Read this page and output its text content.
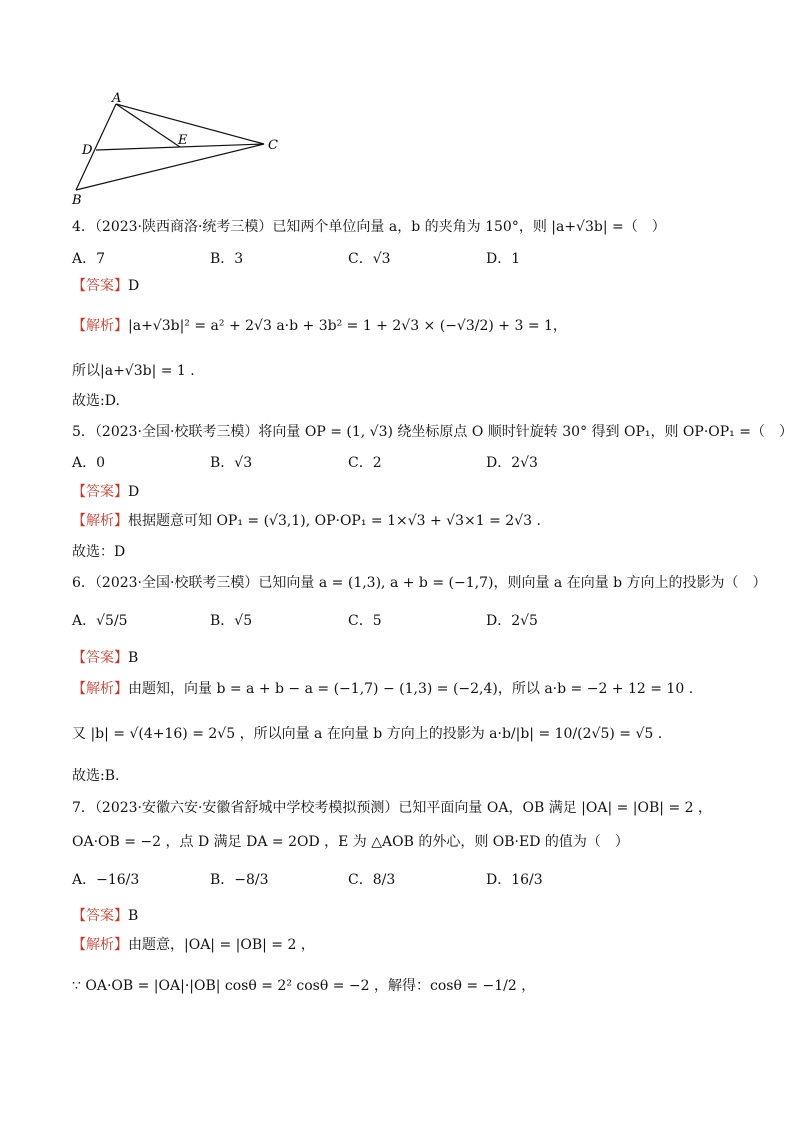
A
B
C
D
E
4．（2023·陕西商洛·统考三模）已知两个单位向量 a，b 的夹角为 150°，则 |a+√3b| =（　）
A．7	B．3	C．√3	D．1
【答案】D
【解析】|a+√3b|² = a² + 2√3 a·b + 3b² = 1 + 2√3 × (−√3/2) + 3 = 1，
所以|a+√3b| = 1 .
故选:D.
5．（2023·全国·校联考三模）将向量 OP = (1, √3) 绕坐标原点 O 顺时针旋转 30° 得到 OP₁，则 OP·OP₁ =（　）
A．0	B．√3	C．2	D．2√3
【答案】D
【解析】根据题意可知 OP₁ = (√3,1), OP·OP₁ = 1×√3 + √3×1 = 2√3 .
故选：D
6．（2023·全国·校联考三模）已知向量 a = (1,3), a + b = (−1,7)，则向量 a 在向量 b 方向上的投影为（　）
A．√5/5	B．√5	C．5	D．2√5
【答案】B
【解析】由题知，向量 b = a + b − a = (−1,7) − (1,3) = (−2,4)，所以 a·b = −2 + 12 = 10 .
又 |b| = √(4+16) = 2√5 ，所以向量 a 在向量 b 方向上的投影为 a·b/|b| = 10/(2√5) = √5 .
故选:B.
7．（2023·安徽六安·安徽省舒城中学校考模拟预测）已知平面向量 OA，OB 满足 |OA| = |OB| = 2 ，
OA·OB = −2 ，点 D 满足 DA = 2OD ，E 为 △AOB 的外心，则 OB·ED 的值为（　）
A．−16/3	B．−8/3	C．8/3	D．16/3
【答案】B
【解析】由题意，|OA| = |OB| = 2 ，
∵ OA·OB = |OA|·|OB| cosθ = 2² cosθ = −2 ，解得：cosθ = −1/2 ，
